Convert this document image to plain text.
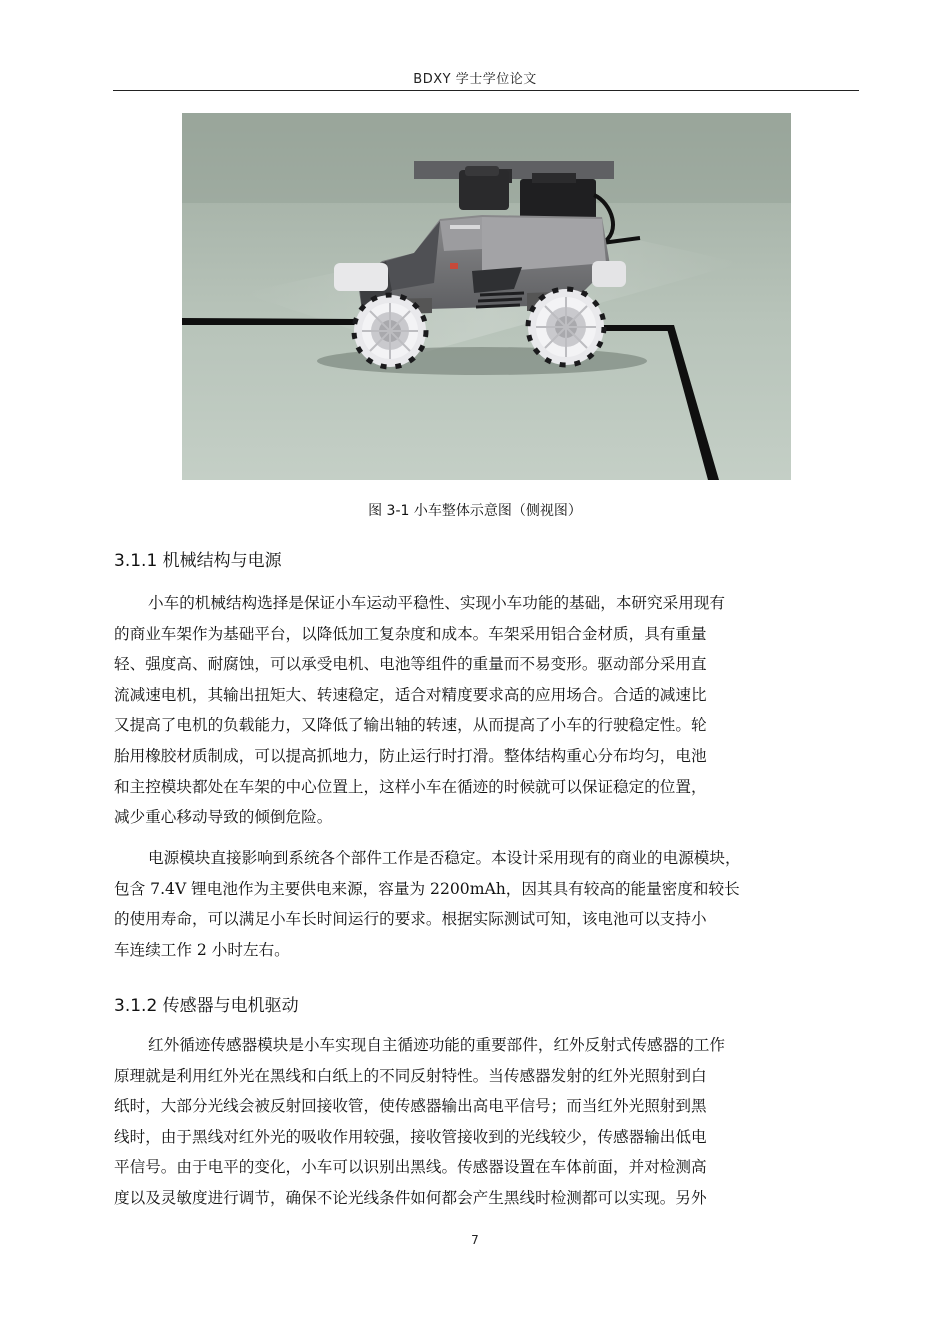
BDXY 学士学位论文
图 3-1 小车整体示意图（侧视图）
3.1.1 机械结构与电源

小车的机械结构选择是保证小车运动平稳性、实现小车功能的基础，本研究采用现有
的商业车架作为基础平台，以降低加工复杂度和成本。车架采用铝合金材质，具有重量
轻、强度高、耐腐蚀，可以承受电机、电池等组件的重量而不易变形。驱动部分采用直
流减速电机，其输出扭矩大、转速稳定，适合对精度要求高的应用场合。合适的减速比
又提高了电机的负载能力，又降低了输出轴的转速，从而提高了小车的行驶稳定性。轮
胎用橡胶材质制成，可以提高抓地力，防止运行时打滑。整体结构重心分布均匀，电池
和主控模块都处在车架的中心位置上，这样小车在循迹的时候就可以保证稳定的位置，
减少重心移动导致的倾倒危险。

电源模块直接影响到系统各个部件工作是否稳定。本设计采用现有的商业的电源模块，
包含 7.4V 锂电池作为主要供电来源，容量为 2200mAh，因其具有较高的能量密度和较长
的使用寿命，可以满足小车长时间运行的要求。根据实际测试可知，该电池可以支持小
车连续工作 2 小时左右。

3.1.2 传感器与电机驱动

红外循迹传感器模块是小车实现自主循迹功能的重要部件，红外反射式传感器的工作
原理就是利用红外光在黑线和白纸上的不同反射特性。当传感器发射的红外光照射到白
纸时，大部分光线会被反射回接收管，使传感器输出高电平信号；而当红外光照射到黑
线时，由于黑线对红外光的吸收作用较强，接收管接收到的光线较少，传感器输出低电
平信号。由于电平的变化，小车可以识别出黑线。传感器设置在车体前面，并对检测高
度以及灵敏度进行调节，确保不论光线条件如何都会产生黑线时检测都可以实现。另外

7
